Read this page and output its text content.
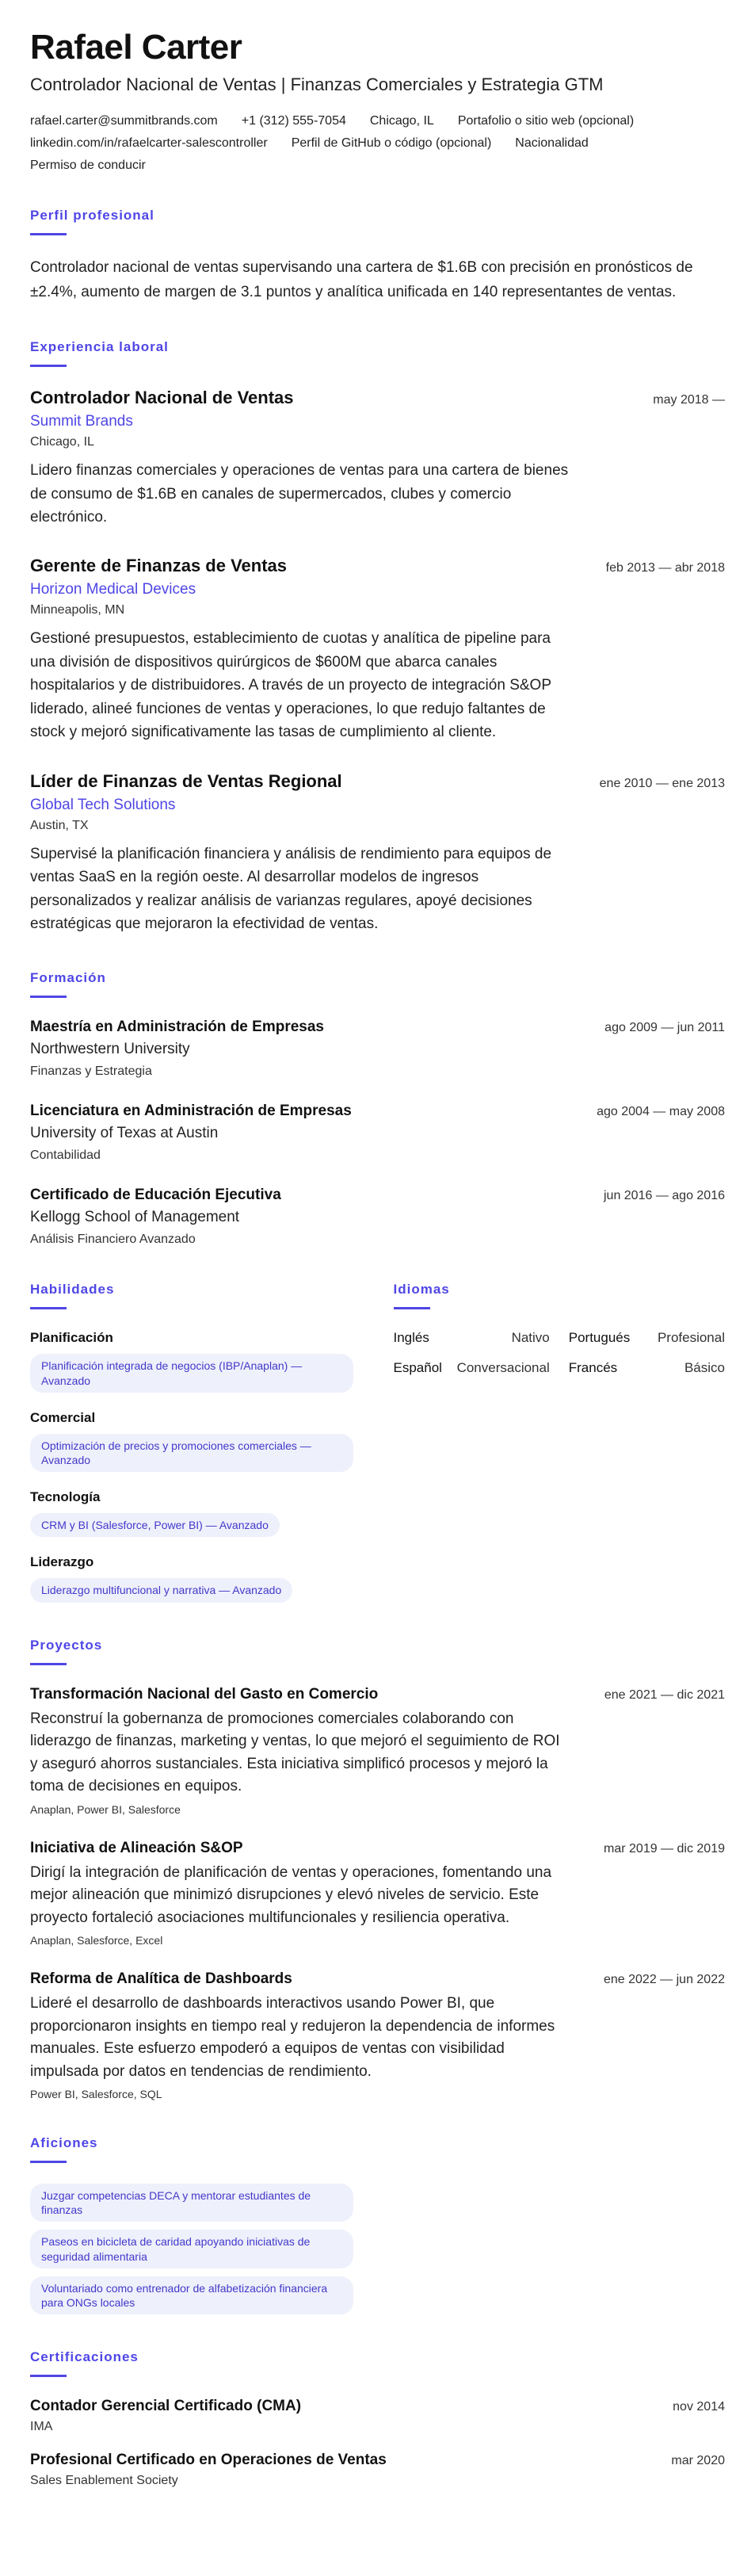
Rafael Carter
Controlador Nacional de Ventas | Finanzas Comerciales y Estrategia GTM
rafael.carter@summitbrands.com +1 (312) 555-7054 Chicago, IL Portafolio o sitio web (opcional)
linkedin.com/in/rafaelcarter-salescontroller Perfil de GitHub o código (opcional) Nacionalidad
Permiso de conducir
Perfil profesional
Controlador nacional de ventas supervisando una cartera de $1.6B con precisión en pronósticos de ±2.4%, aumento de margen de 3.1 puntos y analítica unificada en 140 representantes de ventas.
Experiencia laboral
Controlador Nacional de Ventas	may 2018 —
Summit Brands
Chicago, IL
Lidero finanzas comerciales y operaciones de ventas para una cartera de bienes de consumo de $1.6B en canales de supermercados, clubes y comercio electrónico.
Gerente de Finanzas de Ventas	feb 2013 — abr 2018
Horizon Medical Devices
Minneapolis, MN
Gestioné presupuestos, establecimiento de cuotas y analítica de pipeline para una división de dispositivos quirúrgicos de $600M que abarca canales hospitalarios y de distribuidores. A través de un proyecto de integración S&OP liderado, alineé funciones de ventas y operaciones, lo que redujo faltantes de stock y mejoró significativamente las tasas de cumplimiento al cliente.
Líder de Finanzas de Ventas Regional	ene 2010 — ene 2013
Global Tech Solutions
Austin, TX
Supervisé la planificación financiera y análisis de rendimiento para equipos de ventas SaaS en la región oeste. Al desarrollar modelos de ingresos personalizados y realizar análisis de varianzas regulares, apoyé decisiones estratégicas que mejoraron la efectividad de ventas.
Formación
Maestría en Administración de Empresas	ago 2009 — jun 2011
Northwestern University
Finanzas y Estrategia
Licenciatura en Administración de Empresas	ago 2004 — may 2008
University of Texas at Austin
Contabilidad
Certificado de Educación Ejecutiva	jun 2016 — ago 2016
Kellogg School of Management
Análisis Financiero Avanzado
Habilidades
Planificación
Planificación integrada de negocios (IBP/Anaplan) — Avanzado
Comercial
Optimización de precios y promociones comerciales — Avanzado
Tecnología
CRM y BI (Salesforce, Power BI) — Avanzado
Liderazgo
Liderazgo multifuncional y narrativa — Avanzado
Idiomas
Inglés	Nativo Portugués Profesional
Español Conversacional Francés	Básico
Proyectos
Transformación Nacional del Gasto en Comercio	ene 2021 — dic 2021
Reconstruí la gobernanza de promociones comerciales colaborando con liderazgo de finanzas, marketing y ventas, lo que mejoró el seguimiento de ROI y aseguró ahorros sustanciales. Esta iniciativa simplificó procesos y mejoró la toma de decisiones en equipos.
Anaplan, Power BI, Salesforce
Iniciativa de Alineación S&OP	mar 2019 — dic 2019
Dirigí la integración de planificación de ventas y operaciones, fomentando una mejor alineación que minimizó disrupciones y elevó niveles de servicio. Este proyecto fortaleció asociaciones multifuncionales y resiliencia operativa.
Anaplan, Salesforce, Excel
Reforma de Analítica de Dashboards	ene 2022 — jun 2022
Lideré el desarrollo de dashboards interactivos usando Power BI, que proporcionaron insights en tiempo real y redujeron la dependencia de informes manuales. Este esfuerzo empoderó a equipos de ventas con visibilidad impulsada por datos en tendencias de rendimiento.
Power BI, Salesforce, SQL
Aficiones
Juzgar competencias DECA y mentorar estudiantes de finanzas
Paseos en bicicleta de caridad apoyando iniciativas de seguridad alimentaria
Voluntariado como entrenador de alfabetización financiera para ONGs locales
Certificaciones
Contador Gerencial Certificado (CMA)	nov 2014
IMA
Profesional Certificado en Operaciones de Ventas	mar 2020
Sales Enablement Society
